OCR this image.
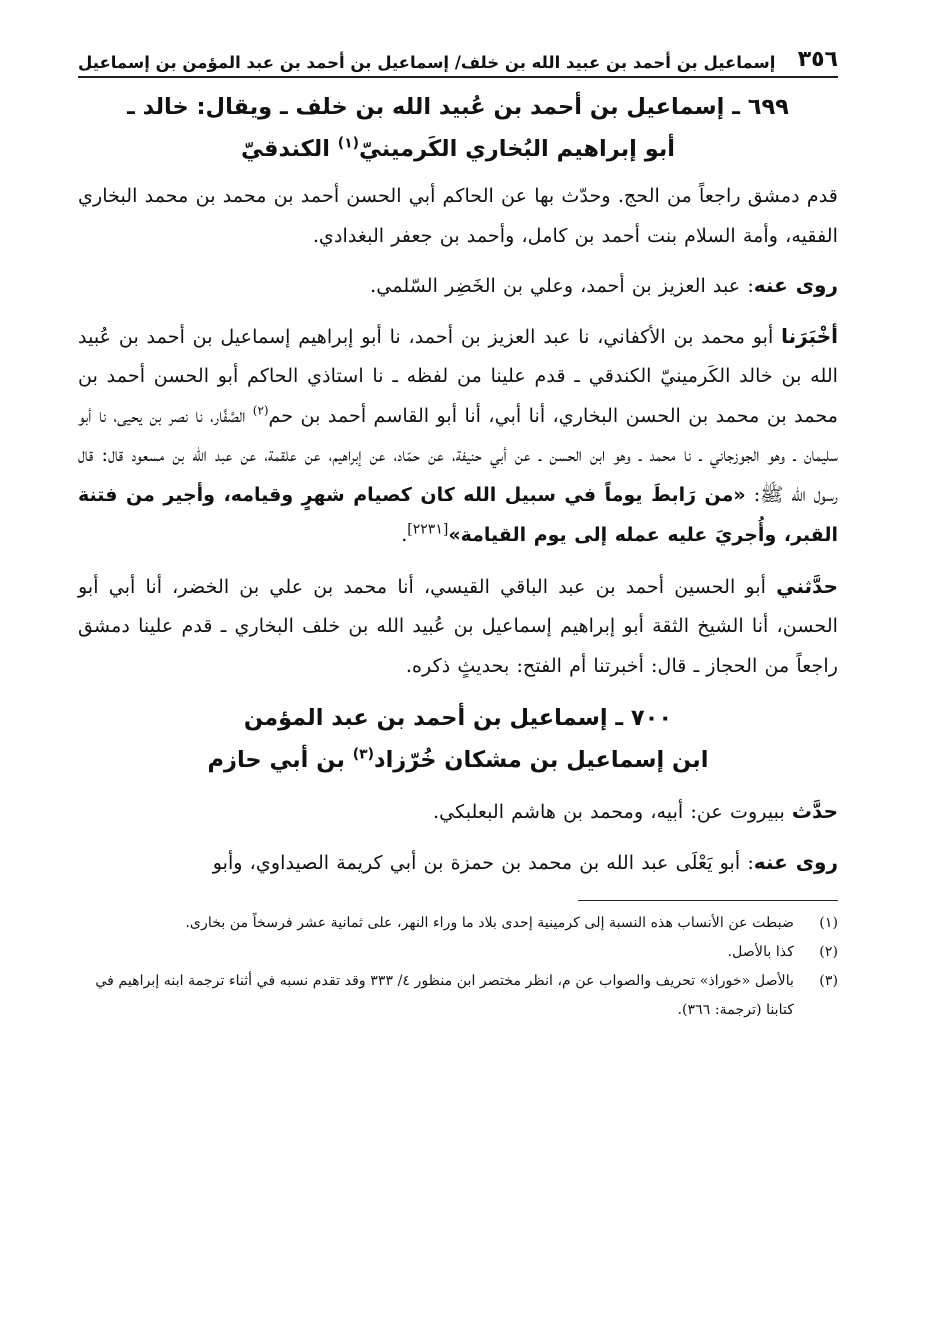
٣٥٦
إسماعيل بن أحمد بن عبيد الله بن خلف/ إسماعيل بن أحمد بن عبد المؤمن بن إسماعيل
٦٩٩ ـ إسماعيل بن أحمد بن عُبيد الله بن خلف ـ ويقال: خالد ـ
أبو إبراهيم البُخاري الكَرمينيّ$^{(١)}$ الكندقيّ

قدم دمشق راجعاً من الحج. وحدّث بها عن الحاكم أبي الحسن أحمد بن محمد بن محمد البخاري الفقيه، وأمة السلام بنت أحمد بن كامل، وأحمد بن جعفر البغدادي.

روى عنه: عبد العزيز بن أحمد، وعلي بن الخَضِر السّلمي.

أخْبَرَنا أبو محمد بن الأكفاني، نا عبد العزيز بن أحمد، نا أبو إبراهيم إسماعيل بن أحمد بن عُبيد الله بن خالد الكَرمينيّ الكندقي ـ قدم علينا من لفظه ـ نا استاذي الحاكم أبو الحسن أحمد بن محمد بن محمد بن الحسن البخاري، أنا أبي، أنا أبو القاسم أحمد بن حم$^{(٢)}$ الصَّفَّار، نا نصر بن يحيى، نا أبو سليمان ـ وهو الجوزجاني ـ نا محمد ـ وهو ابن الحسن ـ عن أبي حنيفة، عن حمّاد، عن إبراهيم، عن علقمة، عن عبد الله بن مسعود قال: قال رسول الله ﷺ: «من رَابطَ يوماً في سبيل الله كان كصيام شهرٍ وقيامه، وأجير من فتنة القبر، وأُجريَ عليه عمله إلى يوم القيامة»[٢٢٣١].

حدَّثني أبو الحسين أحمد بن عبد الباقي القيسي، أنا محمد بن علي بن الخضر، أنا أبي أبو الحسن، أنا الشيخ الثقة أبو إبراهيم إسماعيل بن عُبيد الله بن خلف البخاري ـ قدم علينا دمشق راجعاً من الحجاز ـ قال: أخبرتنا أم الفتح: بحديثٍ ذكره.

٧٠٠ ـ إسماعيل بن أحمد بن عبد المؤمن
ابن إسماعيل بن مشكان خُرّزاد$^{(٣)}$ بن أبي حازم

حدَّث ببيروت عن: أبيه، ومحمد بن هاشم البعلبكي.

روى عنه: أبو يَعْلَى عبد الله بن محمد بن حمزة بن أبي كريمة الصيداوي، وأبو

(١)
ضبطت عن الأنساب هذه النسبة إلى كرمينية إحدى بلاد ما وراء النهر، على ثمانية عشر فرسخاً من بخارى.
(٢)
كذا بالأصل.
(٣)
بالأصل «خوراذ» تحريف والصواب عن م، انظر مختصر ابن منظور ٤/ ٣٣٣ وقد تقدم نسبه في أثناء ترجمة ابنه إبراهيم في كتابنا (ترجمة: ٣٦٦).
